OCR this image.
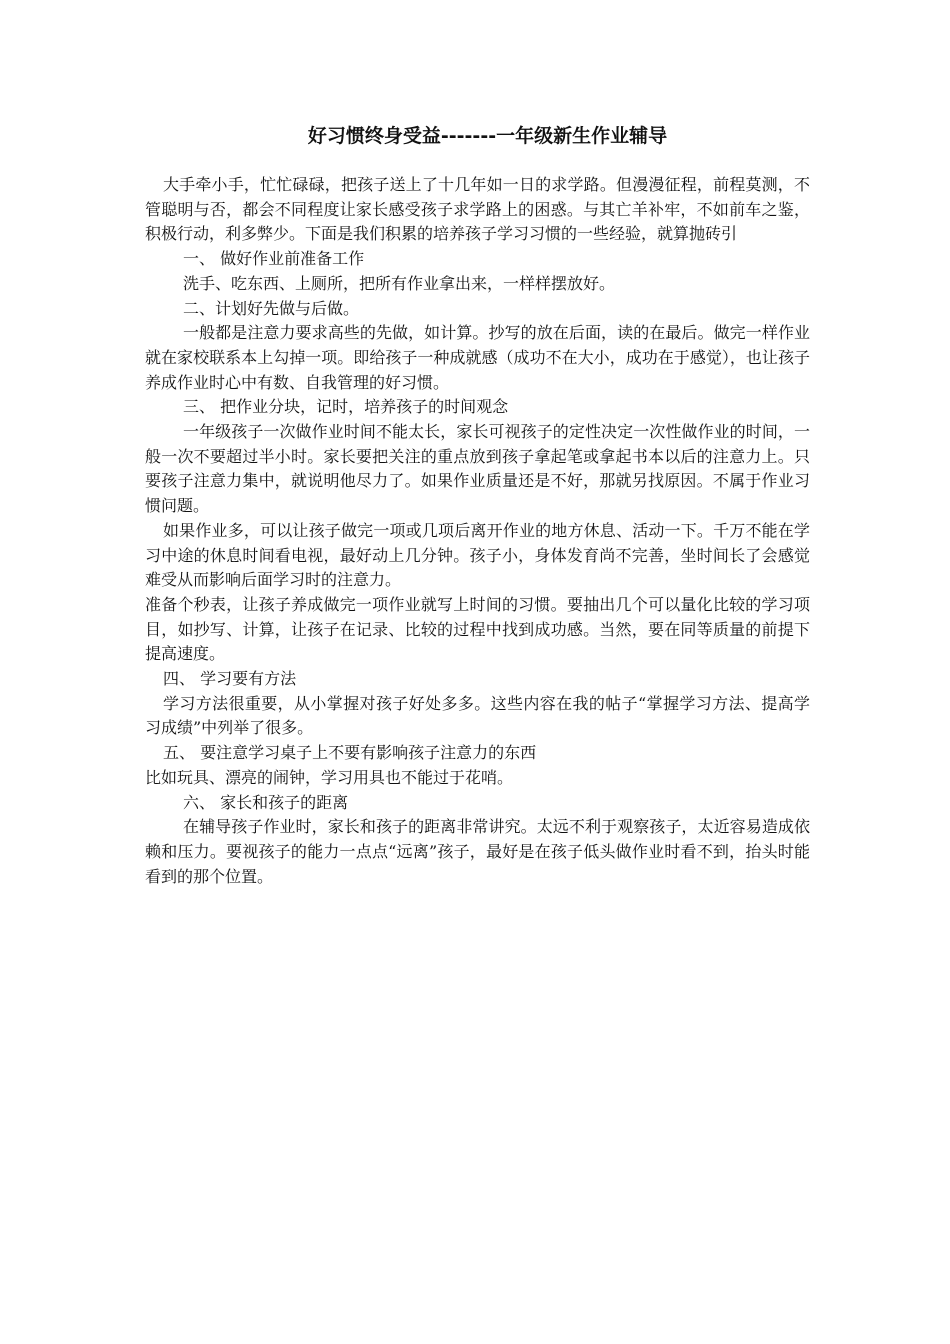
好习惯终身受益-------一年级新生作业辅导

大手牵小手，忙忙碌碌，把孩子送上了十几年如一日的求学路。但漫漫征程，前程莫测，不管聪明与否，都会不同程度让家长感受孩子求学路上的困惑。与其亡羊补牢，不如前车之鉴，积极行动，利多弊少。下面是我们积累的培养孩子学习习惯的一些经验，就算抛砖引

一、 做好作业前准备工作

洗手、吃东西、上厕所，把所有作业拿出来，一样样摆放好。

二、计划好先做与后做。

一般都是注意力要求高些的先做，如计算。抄写的放在后面，读的在最后。做完一样作业就在家校联系本上勾掉一项。即给孩子一种成就感（成功不在大小，成功在于感觉），也让孩子养成作业时心中有数、自我管理的好习惯。

三、 把作业分块，记时，培养孩子的时间观念

一年级孩子一次做作业时间不能太长，家长可视孩子的定性决定一次性做作业的时间，一般一次不要超过半小时。家长要把关注的重点放到孩子拿起笔或拿起书本以后的注意力上。只要孩子注意力集中，就说明他尽力了。如果作业质量还是不好，那就另找原因。不属于作业习惯问题。

如果作业多，可以让孩子做完一项或几项后离开作业的地方休息、活动一下。千万不能在学习中途的休息时间看电视，最好动上几分钟。孩子小，身体发育尚不完善，坐时间长了会感觉难受从而影响后面学习时的注意力。

准备个秒表，让孩子养成做完一项作业就写上时间的习惯。要抽出几个可以量化比较的学习项目，如抄写、计算，让孩子在记录、比较的过程中找到成功感。当然，要在同等质量的前提下提高速度。

四、 学习要有方法

学习方法很重要，从小掌握对孩子好处多多。这些内容在我的帖子“掌握学习方法、提高学习成绩”中列举了很多。

五、 要注意学习桌子上不要有影响孩子注意力的东西

比如玩具、漂亮的闹钟，学习用具也不能过于花哨。

六、 家长和孩子的距离

在辅导孩子作业时，家长和孩子的距离非常讲究。太远不利于观察孩子，太近容易造成依赖和压力。要视孩子的能力一点点“远离”孩子，最好是在孩子低头做作业时看不到，抬头时能看到的那个位置。
